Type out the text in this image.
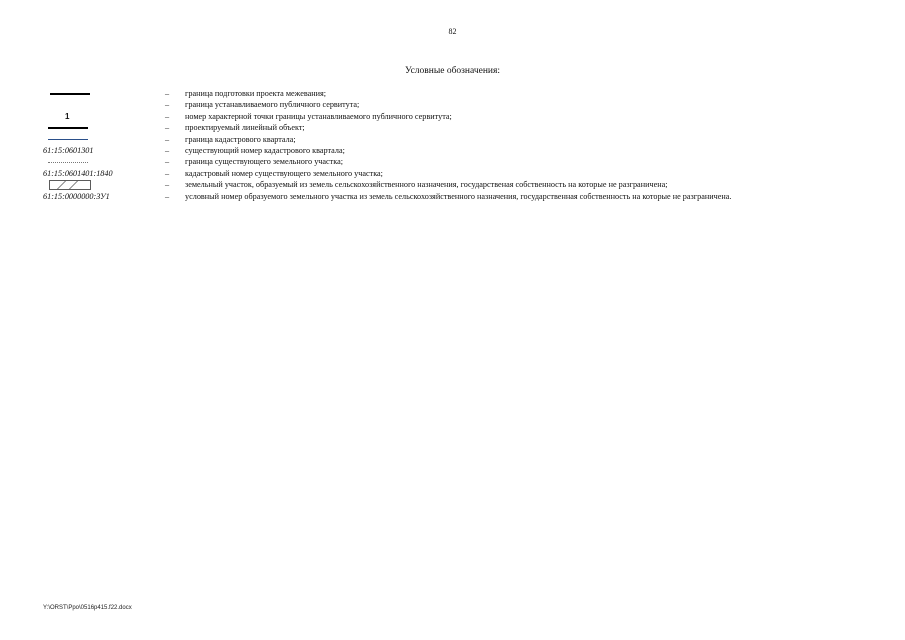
82
Условные обозначения:
– граница подготовки проекта межевания;
– граница устанавливаемого публичного сервитута;
1	– номер характерной точки границы устанавливаемого публичного сервитута;
– проектируемый линейный объект;
– граница кадастрового квартала;
61:15:0601301	– существующий номер кадастрового квартала;
– граница существующего земельного участка;
61:15:0601401:1840	– кадастровый номер существующего земельного участка;
– земельный участок, образуемый из земель сельскохозяйственного назначения, государственая собственность на которые не разграничена;
61:15:0000000:ЗУ1	– условный номер образуемого земельного участка из земель сельскохозяйственного назначения, государственная собственность на которые не разграничена.
Y:\ORST\Ppo\0516p415.f22.docx
